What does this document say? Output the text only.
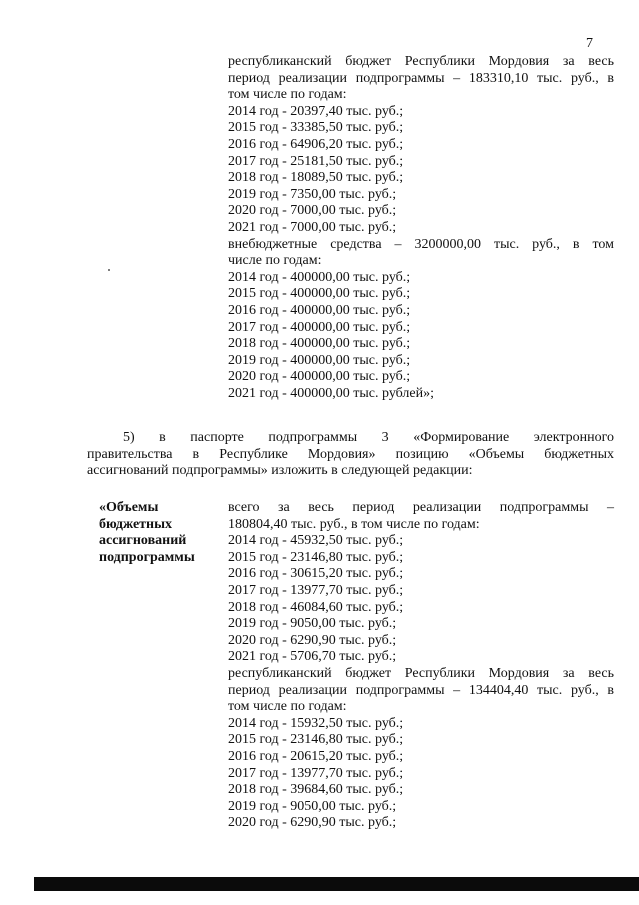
7
республиканский бюджет Республики Мордовия за весь
период реализации подпрограммы – 183310,10 тыс. руб., в
том числе по годам:
2014 год - 20397,40 тыс. руб.;
2015 год - 33385,50 тыс. руб.;
2016 год - 64906,20 тыс. руб.;
2017 год - 25181,50 тыс. руб.;
2018 год - 18089,50 тыс. руб.;
2019 год - 7350,00 тыс. руб.;
2020 год - 7000,00 тыс. руб.;
2021 год - 7000,00 тыс. руб.;
внебюджетные средства – 3200000,00 тыс. руб., в том
числе по годам:
2014 год - 400000,00 тыс. руб.;
2015 год - 400000,00 тыс. руб.;
2016 год - 400000,00 тыс. руб.;
2017 год - 400000,00 тыс. руб.;
2018 год - 400000,00 тыс. руб.;
2019 год - 400000,00 тыс. руб.;
2020 год - 400000,00 тыс. руб.;
2021 год - 400000,00 тыс. рублей»;
5) в паспорте подпрограммы 3 «Формирование электронного
правительства в Республике Мордовия» позицию «Объемы бюджетных
ассигнований подпрограммы» изложить в следующей редакции:
«Объемы
бюджетных
ассигнований
подпрограммы
всего за весь период реализации подпрограммы –
180804,40 тыс. руб., в том числе по годам:
2014 год - 45932,50 тыс. руб.;
2015 год - 23146,80 тыс. руб.;
2016 год - 30615,20 тыс. руб.;
2017 год - 13977,70 тыс. руб.;
2018 год - 46084,60 тыс. руб.;
2019 год - 9050,00 тыс. руб.;
2020 год - 6290,90 тыс. руб.;
2021 год - 5706,70 тыс. руб.;
республиканский бюджет Республики Мордовия за весь
период реализации подпрограммы – 134404,40 тыс. руб., в
том числе по годам:
2014 год - 15932,50 тыс. руб.;
2015 год - 23146,80 тыс. руб.;
2016 год - 20615,20 тыс. руб.;
2017 год - 13977,70 тыс. руб.;
2018 год - 39684,60 тыс. руб.;
2019 год - 9050,00 тыс. руб.;
2020 год - 6290,90 тыс. руб.;
